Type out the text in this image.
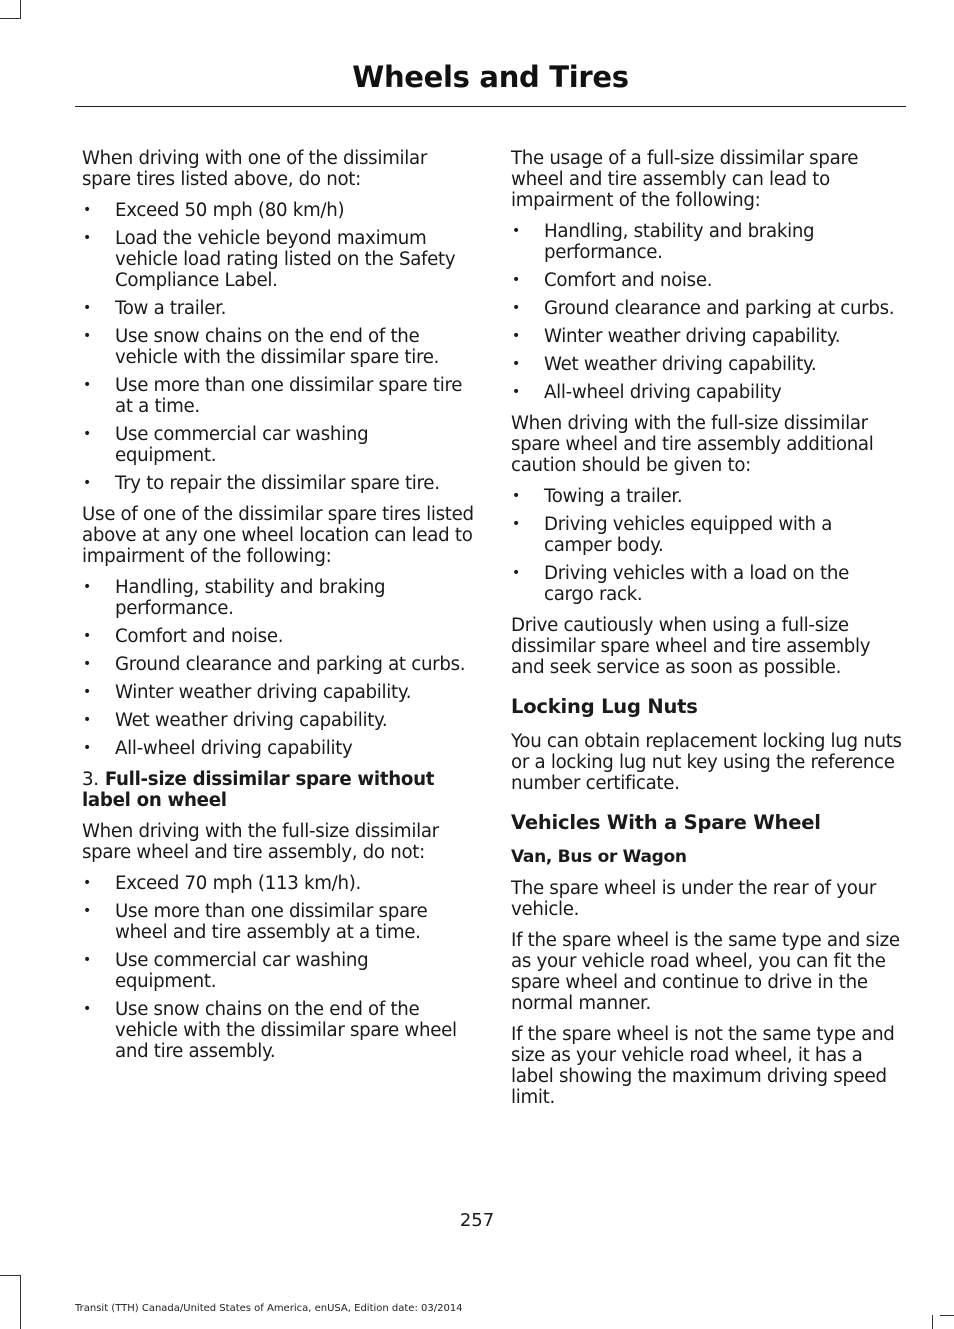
Wheels and Tires

When driving with one of the dissimilar spare tires listed above, do not:

• Exceed 50 mph (80 km/h)
• Load the vehicle beyond maximum vehicle load rating listed on the Safety Compliance Label.
• Tow a trailer.
• Use snow chains on the end of the vehicle with the dissimilar spare tire.
• Use more than one dissimilar spare tire at a time.
• Use commercial car washing equipment.
• Try to repair the dissimilar spare tire.

Use of one of the dissimilar spare tires listed above at any one wheel location can lead to impairment of the following:

• Handling, stability and braking performance.
• Comfort and noise.
• Ground clearance and parking at curbs.
• Winter weather driving capability.
• Wet weather driving capability.
• All-wheel driving capability

3. Full-size dissimilar spare without label on wheel

When driving with the full-size dissimilar spare wheel and tire assembly, do not:

• Exceed 70 mph (113 km/h).
• Use more than one dissimilar spare wheel and tire assembly at a time.
• Use commercial car washing equipment.
• Use snow chains on the end of the vehicle with the dissimilar spare wheel and tire assembly.

The usage of a full-size dissimilar spare wheel and tire assembly can lead to impairment of the following:

• Handling, stability and braking performance.
• Comfort and noise.
• Ground clearance and parking at curbs.
• Winter weather driving capability.
• Wet weather driving capability.
• All-wheel driving capability

When driving with the full-size dissimilar spare wheel and tire assembly additional caution should be given to:

• Towing a trailer.
• Driving vehicles equipped with a camper body.
• Driving vehicles with a load on the cargo rack.

Drive cautiously when using a full-size dissimilar spare wheel and tire assembly and seek service as soon as possible.

Locking Lug Nuts

You can obtain replacement locking lug nuts or a locking lug nut key using the reference number certificate.

Vehicles With a Spare Wheel
Van, Bus or Wagon

The spare wheel is under the rear of your vehicle.

If the spare wheel is the same type and size as your vehicle road wheel, you can fit the spare wheel and continue to drive in the normal manner.

If the spare wheel is not the same type and size as your vehicle road wheel, it has a label showing the maximum driving speed limit.

257
Transit (TTH) Canada/United States of America, enUSA, Edition date: 03/2014
